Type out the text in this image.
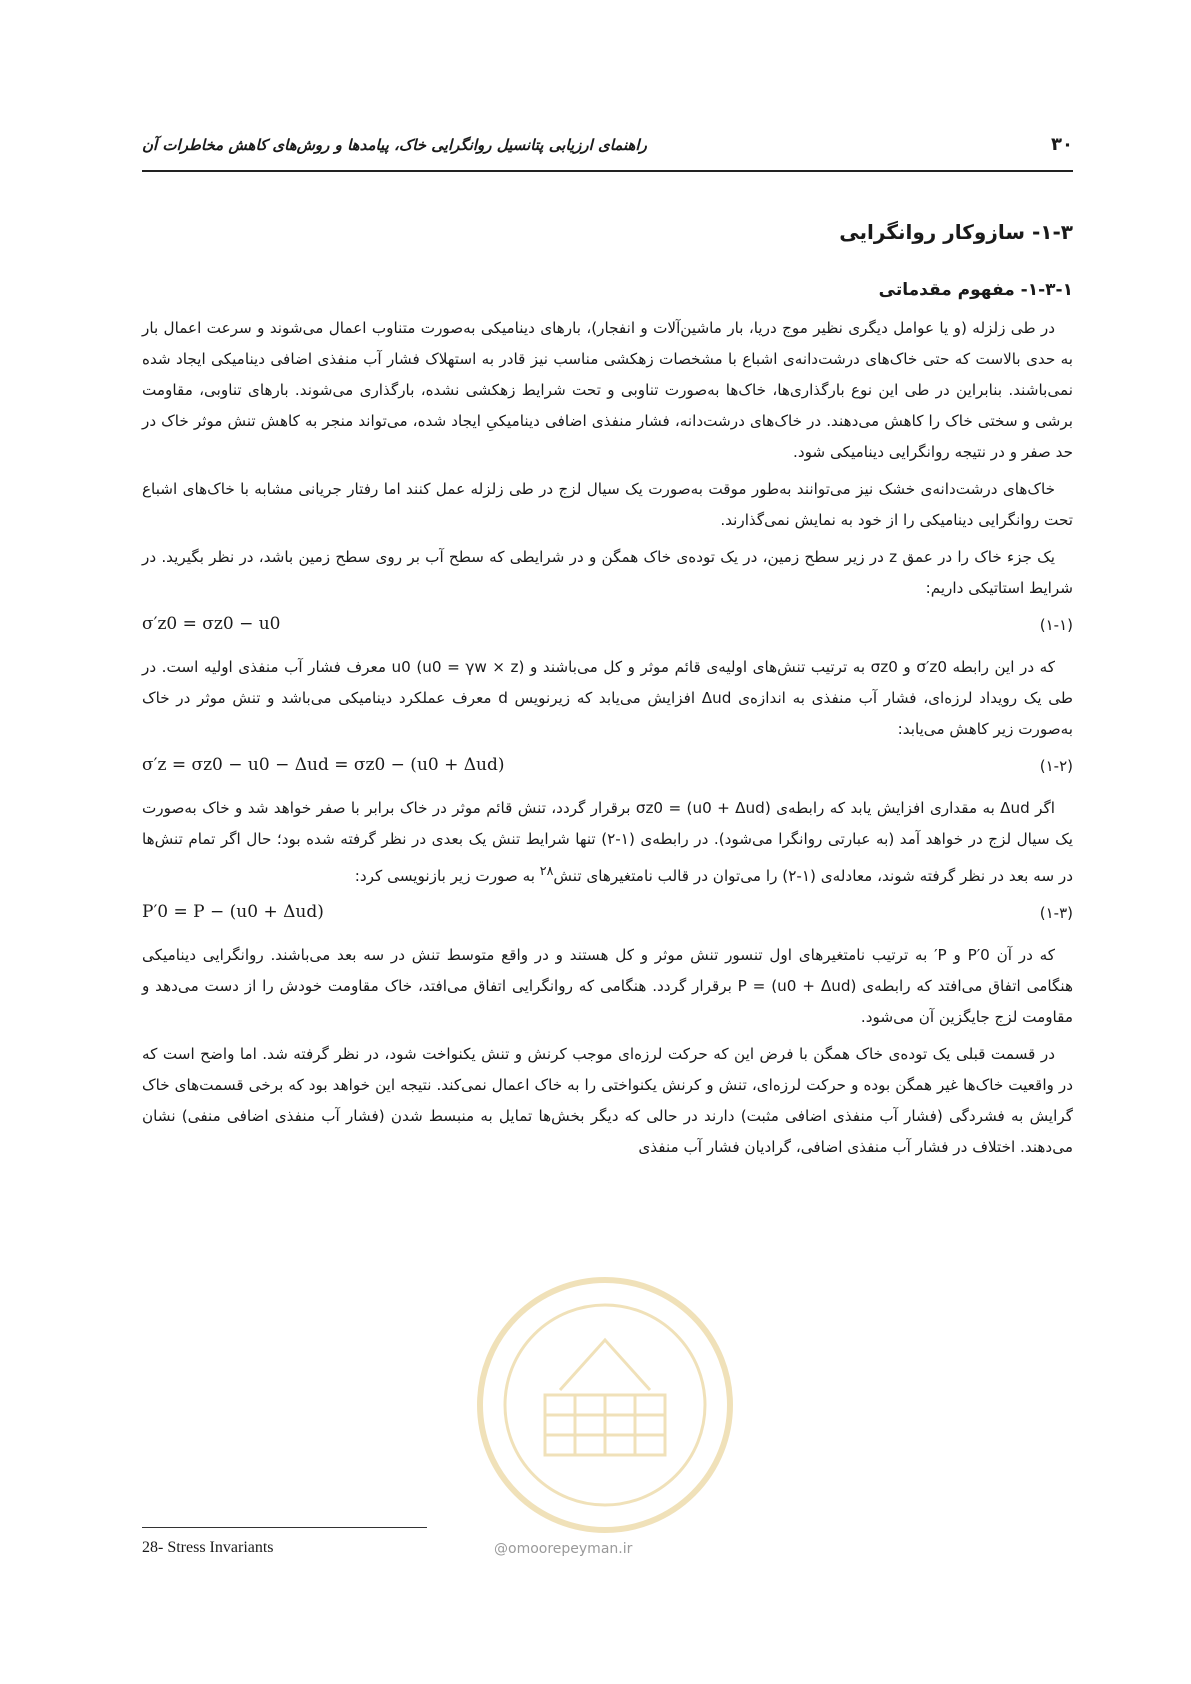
۳۰
راهنمای ارزیابی پتانسیل روانگرایی خاک، پیامدها و روش‌های کاهش مخاطرات آن
۱-۳- سازوکار روانگرایی
۱-۳-۱- مفهوم مقدماتی

در طی زلزله (و یا عوامل دیگری نظیر موج دریا، بار ماشین‌آلات و انفجار)، بارهای دینامیکی به‌صورت متناوب اعمال می‌شوند و سرعت اعمال بار به حدی بالاست که حتی خاک‌های درشت‌دانه‌ی اشباع با مشخصات زهکشی مناسب نیز قادر به استهلاک فشار آب منفذی اضافی دینامیکی ایجاد شده نمی‌باشند. بنابراین در طی این نوع بارگذاری‌ها، خاک‌ها به‌صورت تناوبی و تحت شرایط زهکشی نشده، بارگذاری می‌شوند. بارهای تناوبی، مقاومت برشی و سختی خاک را کاهش می‌دهند. در خاک‌های درشت‌دانه، فشار منفذی اضافی دینامیکیِ ایجاد شده، می‌تواند منجر به کاهش تنش موثر خاک در حد صفر و در نتیجه روانگرایی دینامیکی شود.

خاک‌های درشت‌دانه‌ی خشک نیز می‌توانند به‌طور موقت به‌صورت یک سیال لزج در طی زلزله عمل کنند اما رفتار جریانی مشابه با خاک‌های اشباع تحت روانگرایی دینامیکی را از خود به نمایش نمی‌گذارند.

یک جزء خاک را در عمق z در زیر سطح زمین، در یک توده‌ی خاک همگن و در شرایطی که سطح آب بر روی سطح زمین باشد، در نظر بگیرید. در شرایط استاتیکی داریم:

σ′z0 = σz0 − u0	(۱-۱)

که در این رابطه σ′z0 و σz0 به ترتیب تنش‌های اولیه‌ی قائم موثر و کل می‌باشند و u0 (u0 = γw × z) معرف فشار آب منفذی اولیه است. در طی یک رویداد لرزه‌ای، فشار آب منفذی به اندازه‌ی Δud افزایش می‌یابد که زیرنویس d معرف عملکرد دینامیکی می‌باشد و تنش موثر در خاک به‌صورت زیر کاهش می‌یابد:

σ′z = σz0 − u0 − Δud = σz0 − (u0 + Δud)	(۱-۲)

اگر Δud به مقداری افزایش یابد که رابطه‌ی (u0 + Δud) = σz0 برقرار گردد، تنش قائم موثر در خاک برابر با صفر خواهد شد و خاک به‌صورت یک سیال لزج در خواهد آمد (به عبارتی روانگرا می‌شود). در رابطه‌ی (۱-۲) تنها شرایط تنش یک بعدی در نظر گرفته شده بود؛ حال اگر تمام تنش‌ها در سه بعد در نظر گرفته شوند، معادله‌ی (۱-۲) را می‌توان در قالب نامتغیرهای تنش$^{۲۸}$ به صورت زیر بازنویسی کرد:

P′0 = P − (u0 + Δud)	(۱-۳)

که در آن P′0 و P′ به ترتیب نامتغیرهای اول تنسور تنش موثر و کل هستند و در واقع متوسط تنش در سه بعد می‌باشند. روانگرایی دینامیکی هنگامی اتفاق می‌افتد که رابطه‌ی (u0 + Δud) = P برقرار گردد. هنگامی که روانگرایی اتفاق می‌افتد، خاک مقاومت خودش را از دست می‌دهد و مقاومت لزج جایگزین آن می‌شود.

در قسمت قبلی یک توده‌ی خاک همگن با فرض این که حرکت لرزه‌ای موجب کرنش و تنش یکنواخت شود، در نظر گرفته شد. اما واضح است که در واقعیت خاک‌ها غیر همگن بوده و حرکت لرزه‌ای، تنش و کرنش یکنواختی را به خاک اعمال نمی‌کند. نتیجه این خواهد بود که برخی قسمت‌های خاک گرایش به فشردگی (فشار آب منفذی اضافی مثبت) دارند در حالی که دیگر بخش‌ها تمایل به منبسط شدن (فشار آب منفذی اضافی منفی) نشان می‌دهند. اختلاف در فشار آب منفذی اضافی، گرادیان فشار آب منفذی

@omoorepeyman.ir
28- Stress Invariants
